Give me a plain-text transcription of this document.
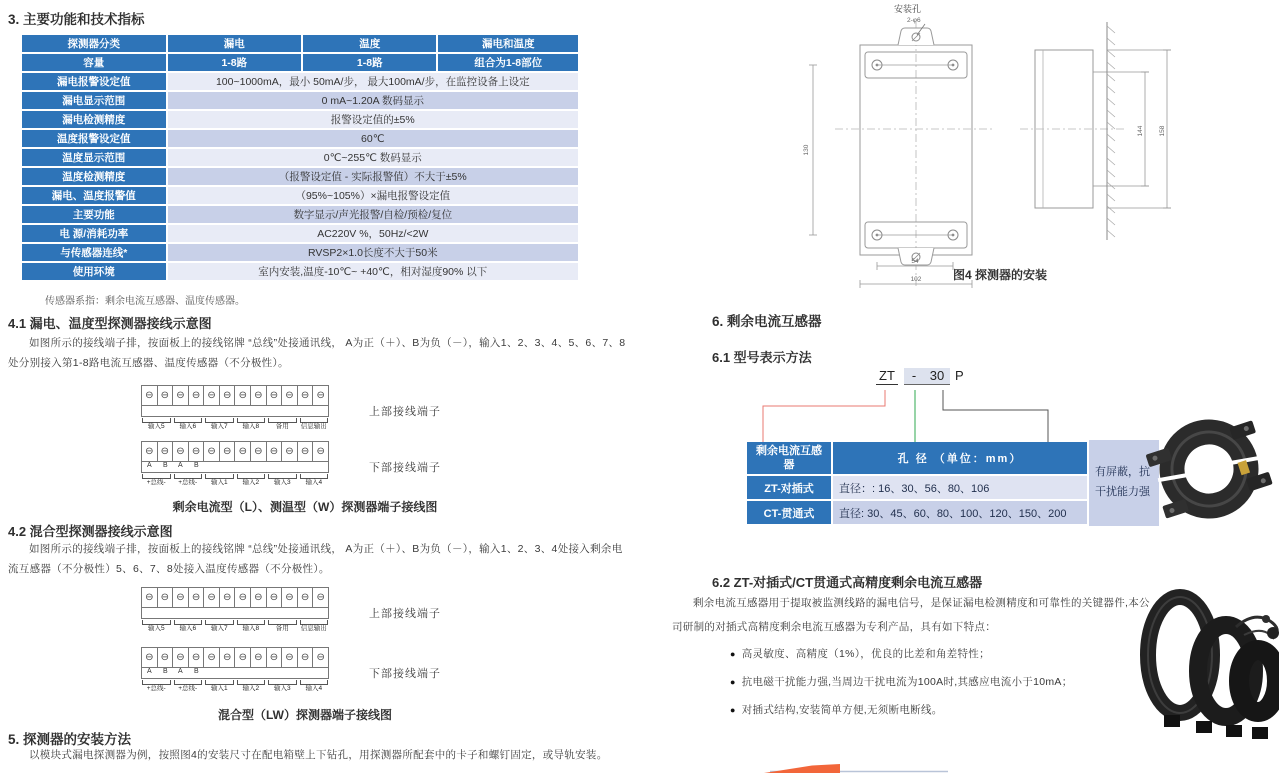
3. 主要功能和技术指标
探测器分类	漏电	温度	漏电和温度
容量	1-8路	1-8路	组合为1-8部位
漏电报警设定值	100~1000mA，最小 50mA/步， 最大100mA/步，在监控设备上设定		
漏电显示范围	0 mA~1.20A 数码显示		
漏电检测精度	报警设定值的±5%		
温度报警设定值	60℃		
温度显示范围	0℃~255℃ 数码显示		
温度检测精度	（报警设定值 - 实际报警值）不大于±5%		
漏电、温度报警值	（95%~105%）×漏电报警设定值		
主要功能	数字显示/声光报警/自检/预检/复位		
电 源/消耗功率	AC220V %，50Hz/<2W		
与传感器连线*	RVSP2×1.0长度不大于50米		
使用环境	室内安装,温度-10℃~ +40℃，相对湿度90% 以下		
传感器系指：剩余电流互感器、温度传感器。
4.1 漏电、温度型探测器接线示意图
如图所示的接线端子排，按面板上的接线铭牌 “总线”处接通讯线， A为正（＋）、B为负（－），输入1、2、3、4、5、6、7、8处分别接入第1-8路电流互感器、温度传感器（不分极性）。
⊖ ⊖ ⊖ ⊖ ⊖ ⊖ ⊖ ⊖ ⊖ ⊖ ⊖ ⊖
输入5	输入6	输入7	输入8	备用	信息输出
上部接线端子
⊖ ⊖ ⊖ ⊖ ⊖ ⊖ ⊖ ⊖ ⊖ ⊖ ⊖ ⊖
A B A B
+总线-	+总线-	输入1	输入2	输入3	输入4
下部接线端子
剩余电流型（L）、测温型（W）探测器端子接线图
4.2 混合型探测器接线示意图
如图所示的接线端子排，按面板上的接线铭牌 “总线”处接通讯线， A为正（＋）、B为负（－），输入1、2、3、4处接入剩余电流互感器（不分极性）5、6、7、8处接入温度传感器（不分极性）。
⊖ ⊖ ⊖ ⊖ ⊖ ⊖ ⊖ ⊖ ⊖ ⊖ ⊖ ⊖
输入5	输入6	输入7	输入8	备用	信息输出
上部接线端子
⊖ ⊖ ⊖ ⊖ ⊖ ⊖ ⊖ ⊖ ⊖ ⊖ ⊖ ⊖
A B A B
+总线-	+总线-	输入1	输入2	输入3	输入4
下部接线端子
混合型（LW）探测器端子接线图
5. 探测器的安装方法
以模块式漏电探测器为例，按照图4的安装尺寸在配电箱壁上下钻孔，用探测器所配套中的卡子和螺钉固定，或导轨安装。
安装孔
2-φ6
130
54
102
144 158
图4 探测器的安装
6. 剩余电流互感器
6.1 型号表示方法
ZT	-	30 P
剩余电流互感器	孔 径 （单位：mm）
ZT-对插式	直径：: 16、30、56、80、106
CT-贯通式	直径: 30、45、60、80、100、120、150、200
有屏蔽，抗干扰能力强
6.2 ZT-对插式/CT贯通式高精度剩余电流互感器
剩余电流互感器用于提取被监测线路的漏电信号，是保证漏电检测精度和可靠性的关键器件,本公司研制的对插式高精度剩余电流互感器为专利产品，具有如下特点：
● 高灵敏度、高精度（1%），优良的比差和角差特性；
● 抗电磁干扰能力强,当周边干扰电流为100A时,其感应电流小于10mA；
● 对插式结构,安装简单方便,无须断电断线。
